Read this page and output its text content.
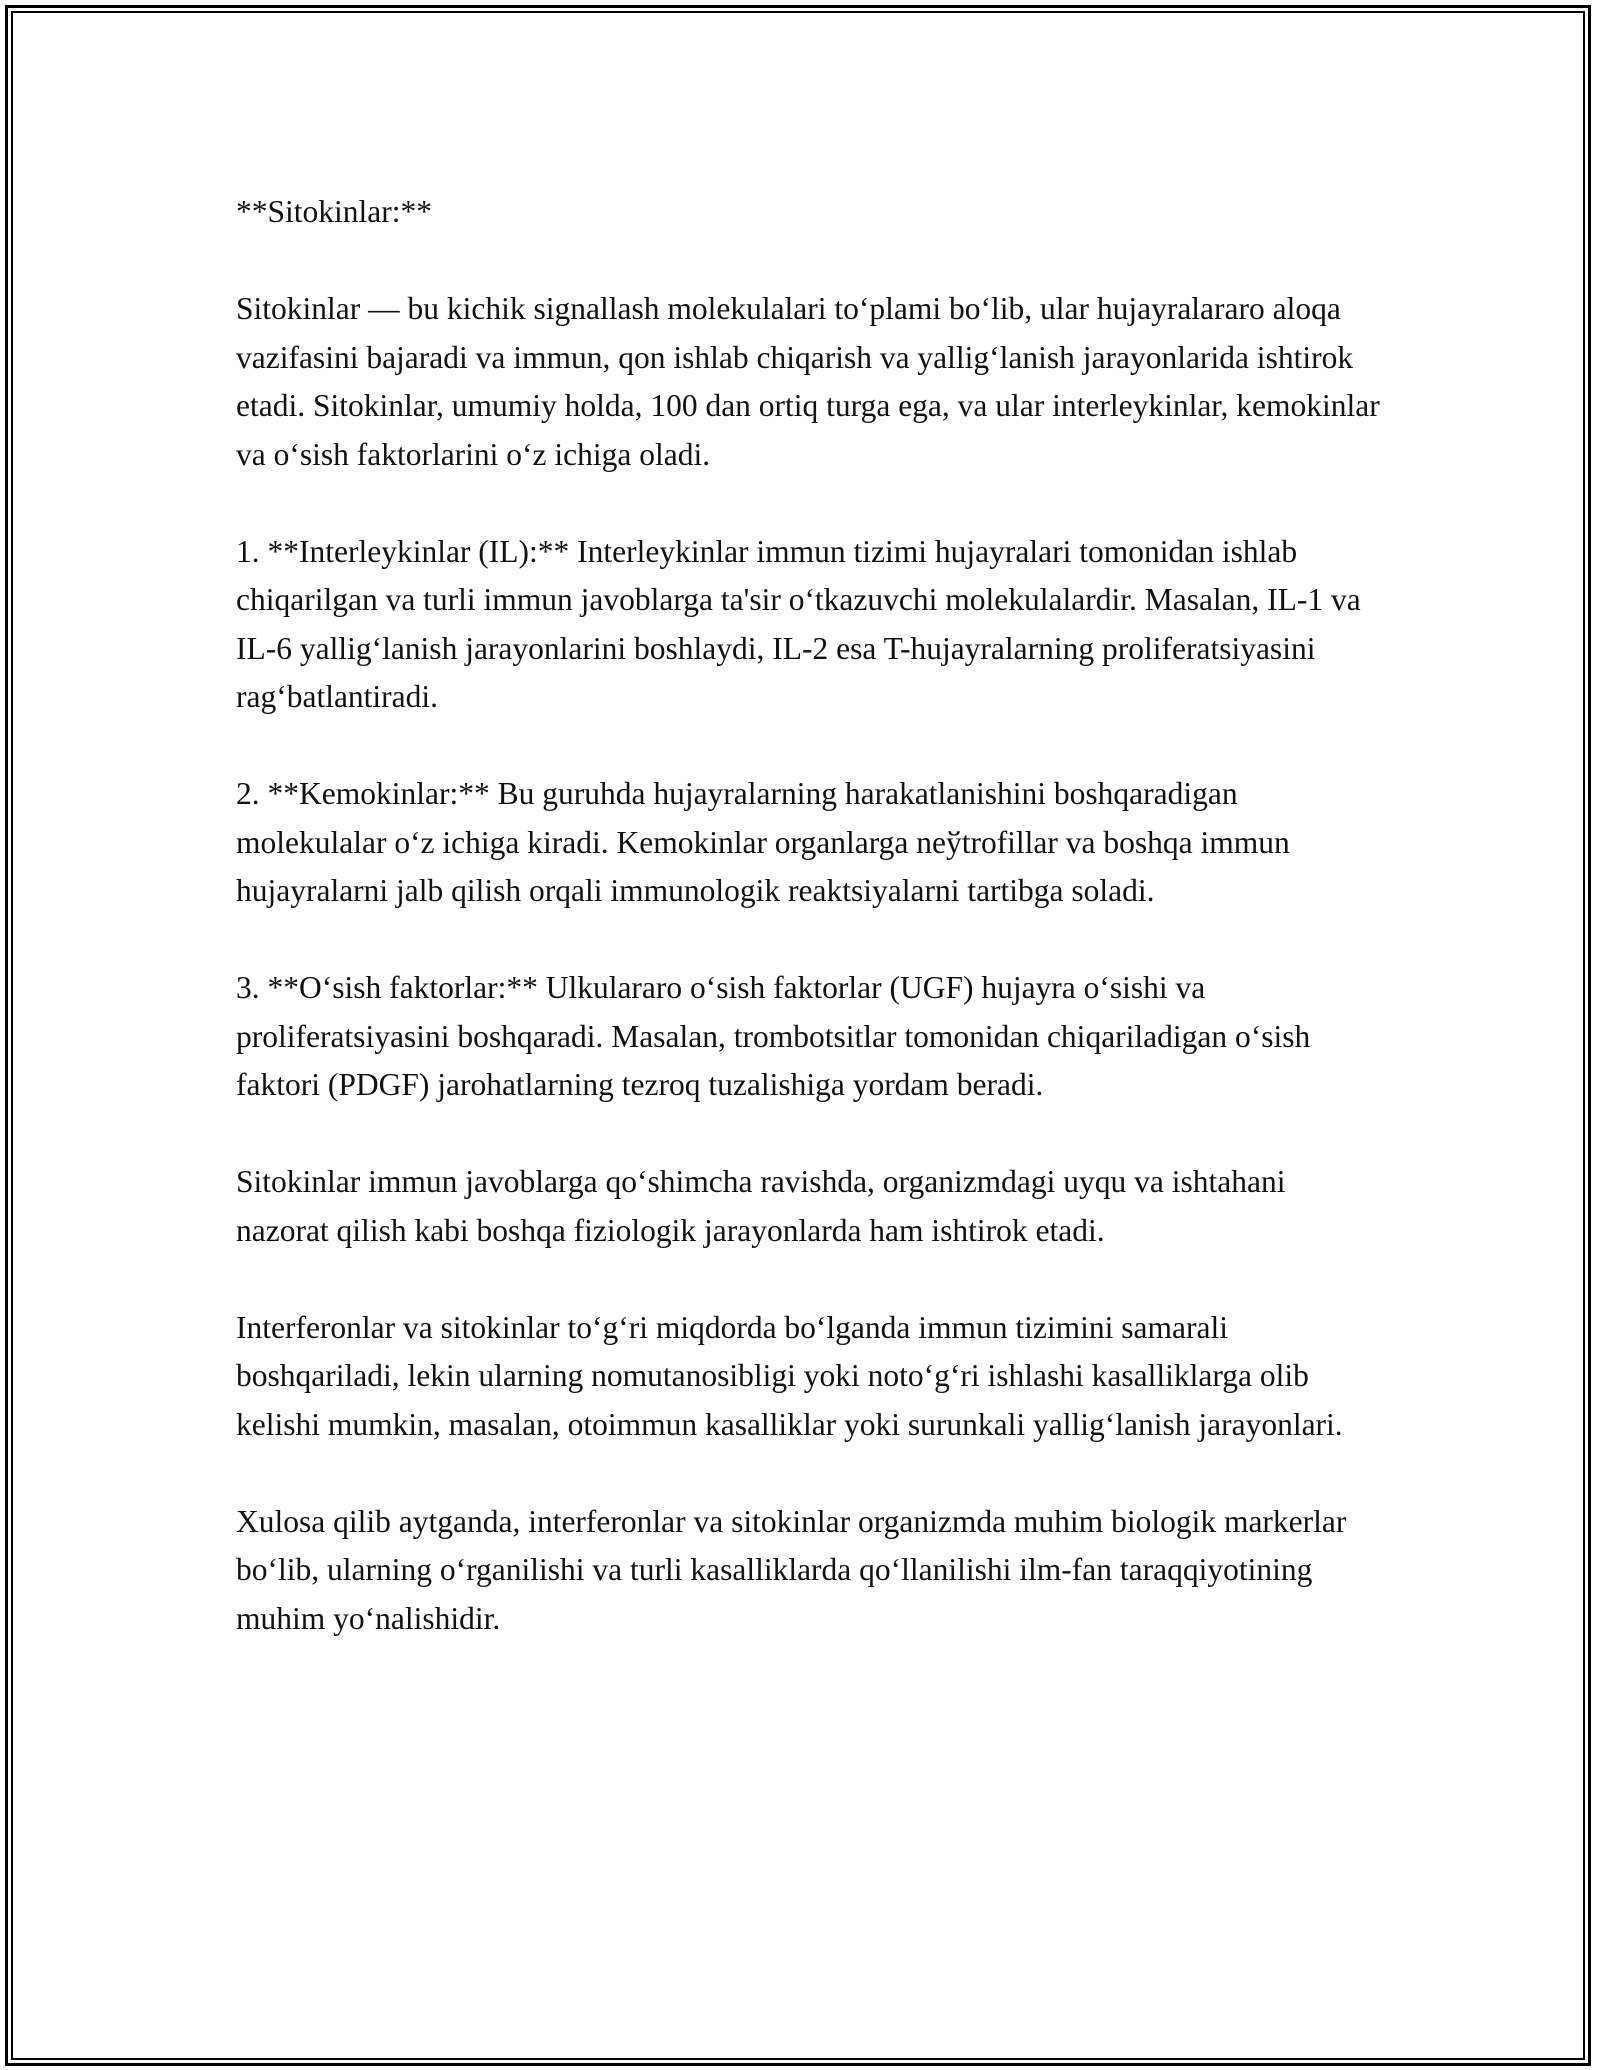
**Sitokinlar:**

Sitokinlar — bu kichik signallash molekulalari to‘plami bo‘lib, ular hujayralararo aloqa vazifasini bajaradi va immun, qon ishlab chiqarish va yallig‘lanish jarayonlarida ishtirok etadi. Sitokinlar, umumiy holda, 100 dan ortiq turga ega, va ular interleykinlar, kemokinlar va o‘sish faktorlarini o‘z ichiga oladi.

1. **Interleykinlar (IL):** Interleykinlar immun tizimi hujayralari tomonidan ishlab chiqarilgan va turli immun javoblarga ta'sir o‘tkazuvchi molekulalardir. Masalan, IL-1 va IL-6 yallig‘lanish jarayonlarini boshlaydi, IL-2 esa T-hujayralarning proliferatsiyasini rag‘batlantiradi.

2. **Kemokinlar:** Bu guruhda hujayralarning harakatlanishini boshqaradigan molekulalar o‘z ichiga kiradi. Kemokinlar organlarga neўtrofillar va boshqa immun hujayralarni jalb qilish orqali immunologik reaktsiyalarni tartibga soladi.

3. **O‘sish faktorlar:** Ulkulararo o‘sish faktorlar (UGF) hujayra o‘sishi va proliferatsiyasini boshqaradi. Masalan, trombotsitlar tomonidan chiqariladigan o‘sish faktori (PDGF) jarohatlarning tezroq tuzalishiga yordam beradi.

Sitokinlar immun javoblarga qo‘shimcha ravishda, organizmdagi uyqu va ishtahani nazorat qilish kabi boshqa fiziologik jarayonlarda ham ishtirok etadi.

Interferonlar va sitokinlar to‘g‘ri miqdorda bo‘lganda immun tizimini samarali boshqariladi, lekin ularning nomutanosibligi yoki noto‘g‘ri ishlashi kasalliklarga olib kelishi mumkin, masalan, otoimmun kasalliklar yoki surunkali yallig‘lanish jarayonlari.

Xulosa qilib aytganda, interferonlar va sitokinlar organizmda muhim biologik markerlar bo‘lib, ularning o‘rganilishi va turli kasalliklarda qo‘llanilishi ilm-fan taraqqiyotining muhim yo‘nalishidir.
